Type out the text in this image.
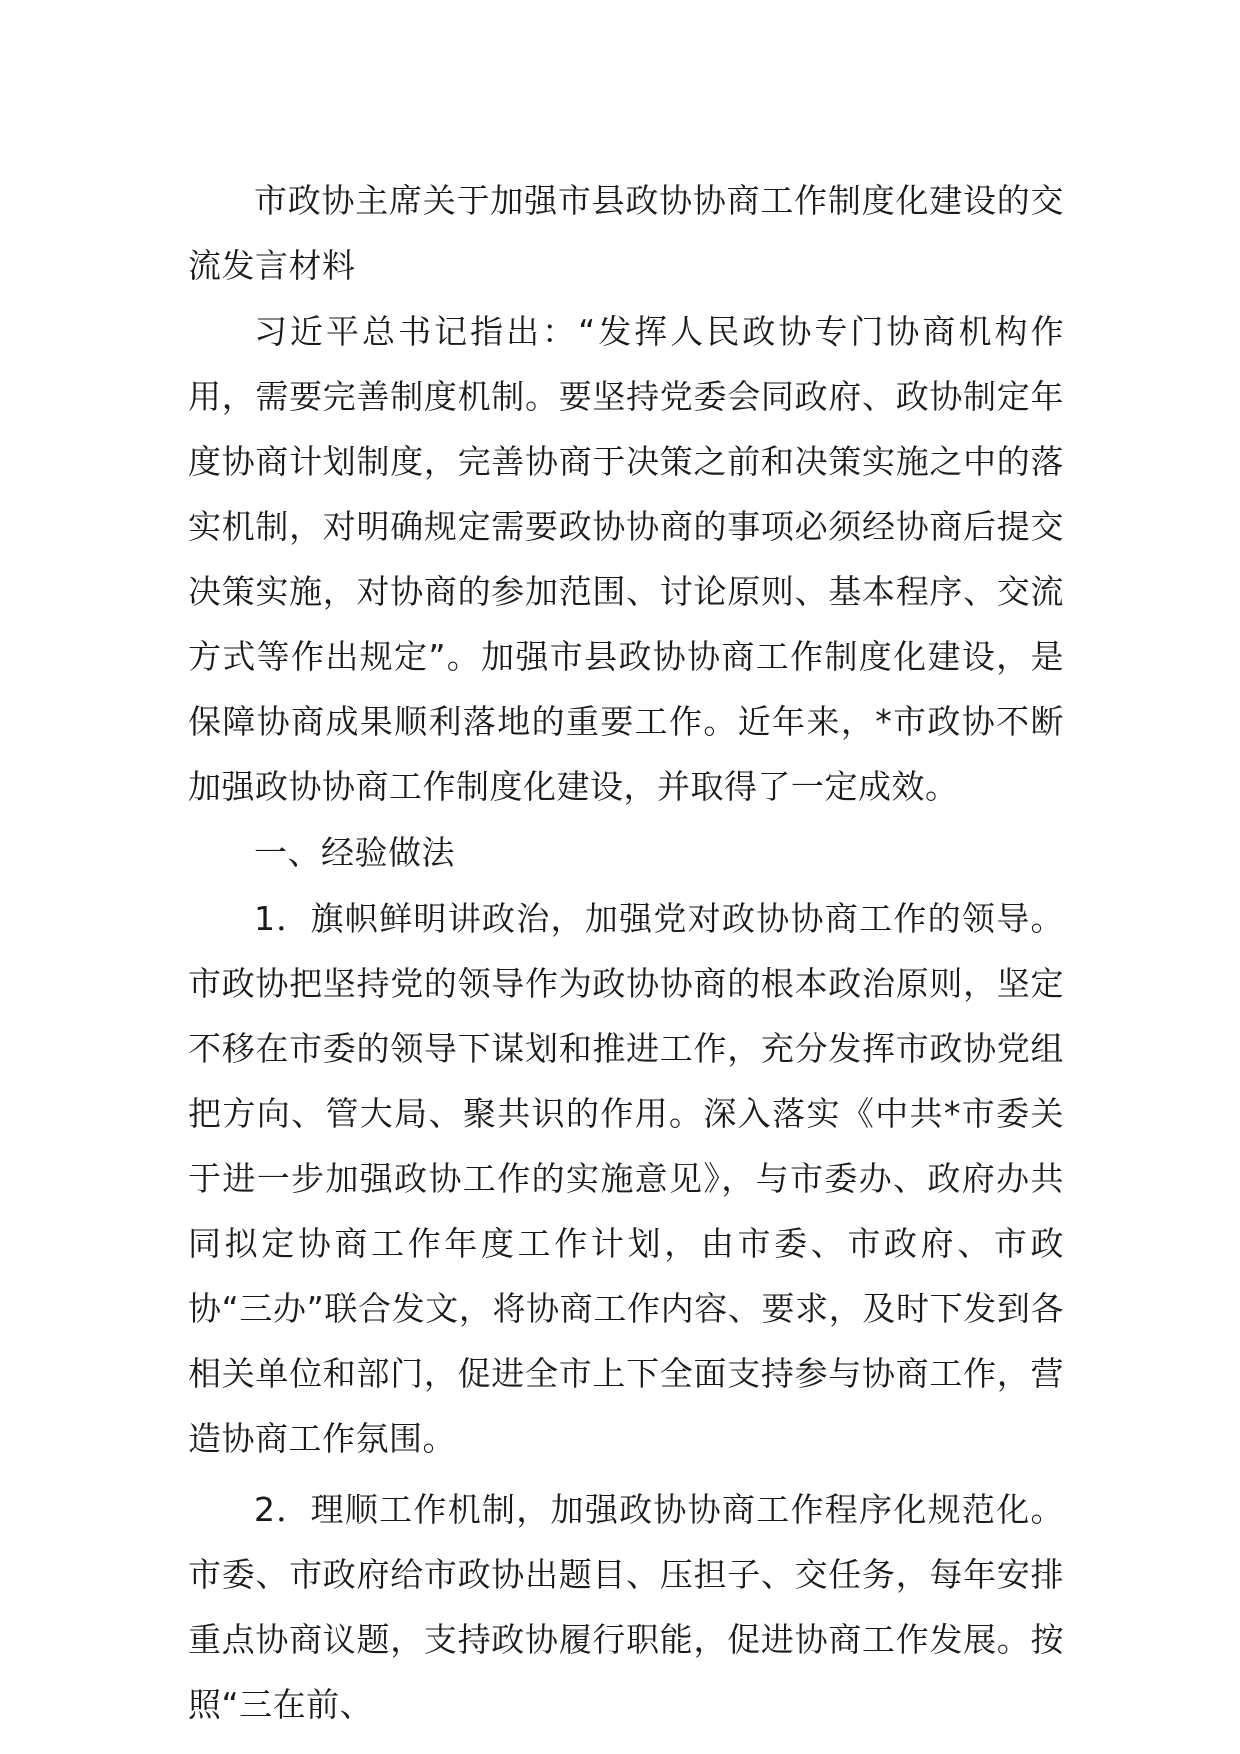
市政协主席关于加强市县政协协商工作制度化建设的交流发言材料

习近平总书记指出：“发挥人民政协专门协商机构作用，需要完善制度机制。要坚持党委会同政府、政协制定年度协商计划制度，完善协商于决策之前和决策实施之中的落实机制，对明确规定需要政协协商的事项必须经协商后提交决策实施，对协商的参加范围、讨论原则、基本程序、交流方式等作出规定”。加强市县政协协商工作制度化建设，是保障协商成果顺利落地的重要工作。近年来，*市政协不断加强政协协商工作制度化建设，并取得了一定成效。

一、经验做法

1．旗帜鲜明讲政治，加强党对政协协商工作的领导。市政协把坚持党的领导作为政协协商的根本政治原则，坚定不移在市委的领导下谋划和推进工作，充分发挥市政协党组把方向、管大局、聚共识的作用。深入落实《中共*市委关于进一步加强政协工作的实施意见》，与市委办、政府办共同拟定协商工作年度工作计划，由市委、市政府、市政协“三办”联合发文，将协商工作内容、要求，及时下发到各相关单位和部门，促进全市上下全面支持参与协商工作，营造协商工作氛围。

2．理顺工作机制，加强政协协商工作程序化规范化。市委、市政府给市政协出题目、压担子、交任务，每年安排重点协商议题，支持政协履行职能，促进协商工作发展。按照“三在前、
